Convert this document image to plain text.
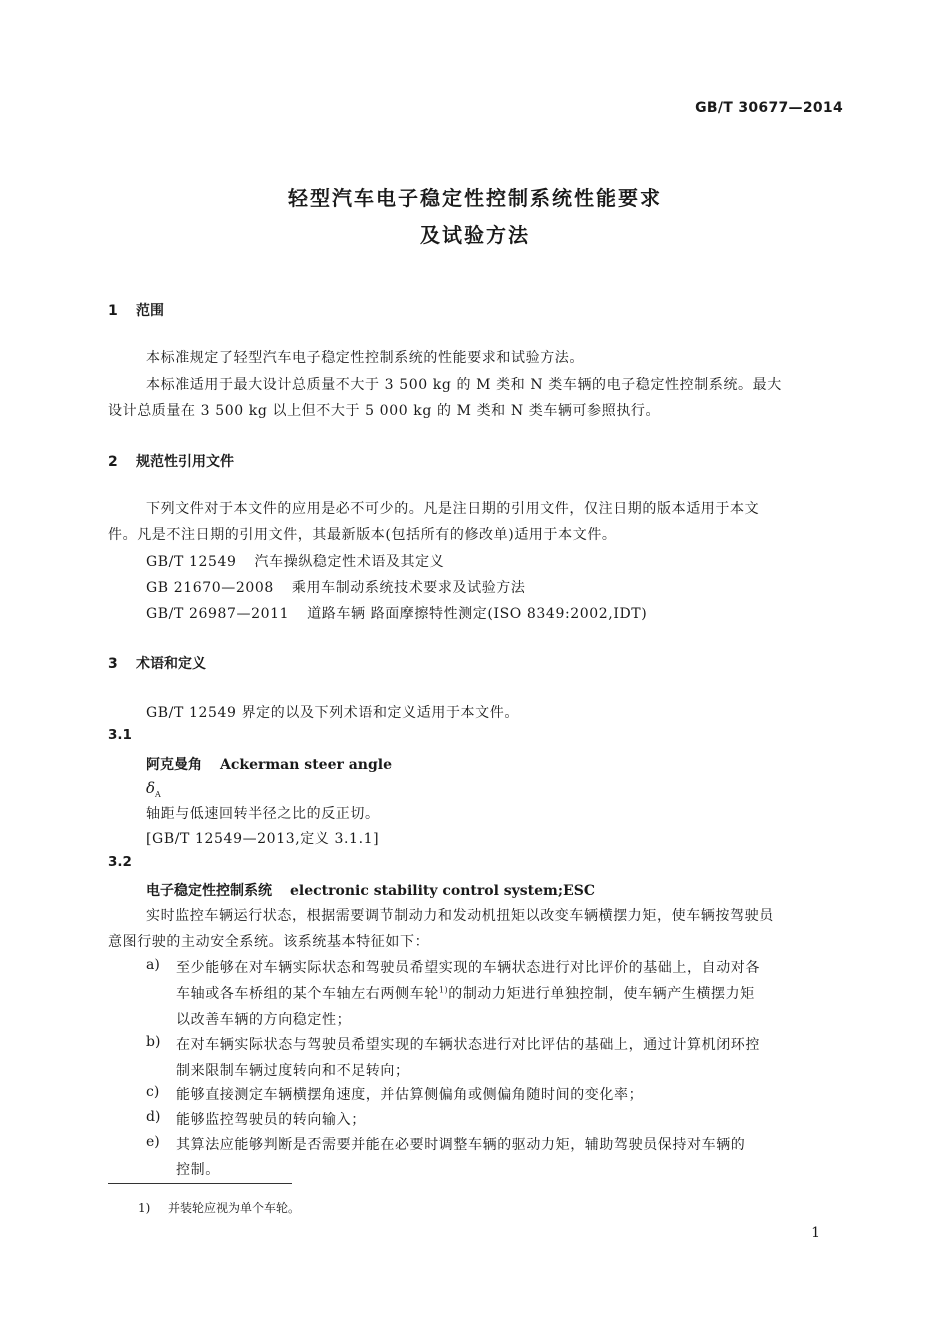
GB/T 30677—2014
轻型汽车电子稳定性控制系统性能要求
及试验方法
1 范围
本标准规定了轻型汽车电子稳定性控制系统的性能要求和试验方法。
本标准适用于最大设计总质量不大于 3 500 kg 的 M 类和 N 类车辆的电子稳定性控制系统。最大
设计总质量在 3 500 kg 以上但不大于 5 000 kg 的 M 类和 N 类车辆可参照执行。
2 规范性引用文件
下列文件对于本文件的应用是必不可少的。凡是注日期的引用文件，仅注日期的版本适用于本文
件。凡是不注日期的引用文件，其最新版本(包括所有的修改单)适用于本文件。
GB/T 12549 汽车操纵稳定性术语及其定义
GB 21670—2008 乘用车制动系统技术要求及试验方法
GB/T 26987—2011 道路车辆 路面摩擦特性测定(ISO 8349:2002,IDT)
3 术语和定义
GB/T 12549 界定的以及下列术语和定义适用于本文件。
3.1
阿克曼角 Ackerman steer angle
$\delta_A$
轴距与低速回转半径之比的反正切。
[GB/T 12549—2013,定义 3.1.1]
3.2
电子稳定性控制系统 electronic stability control system;ESC
实时监控车辆运行状态，根据需要调节制动力和发动机扭矩以改变车辆横摆力矩，使车辆按驾驶员
意图行驶的主动安全系统。该系统基本特征如下：
a) 至少能够在对车辆实际状态和驾驶员希望实现的车辆状态进行对比评价的基础上，自动对各
车轴或各车桥组的某个车轴左右两侧车轮$^{1)}$的制动力矩进行单独控制，使车辆产生横摆力矩
以改善车辆的方向稳定性；
b) 在对车辆实际状态与驾驶员希望实现的车辆状态进行对比评估的基础上，通过计算机闭环控
制来限制车辆过度转向和不足转向；
c) 能够直接测定车辆横摆角速度，并估算侧偏角或侧偏角随时间的变化率；
d) 能够监控驾驶员的转向输入；
e) 其算法应能够判断是否需要并能在必要时调整车辆的驱动力矩，辅助驾驶员保持对车辆的
控制。
1) 并装轮应视为单个车轮。
1
